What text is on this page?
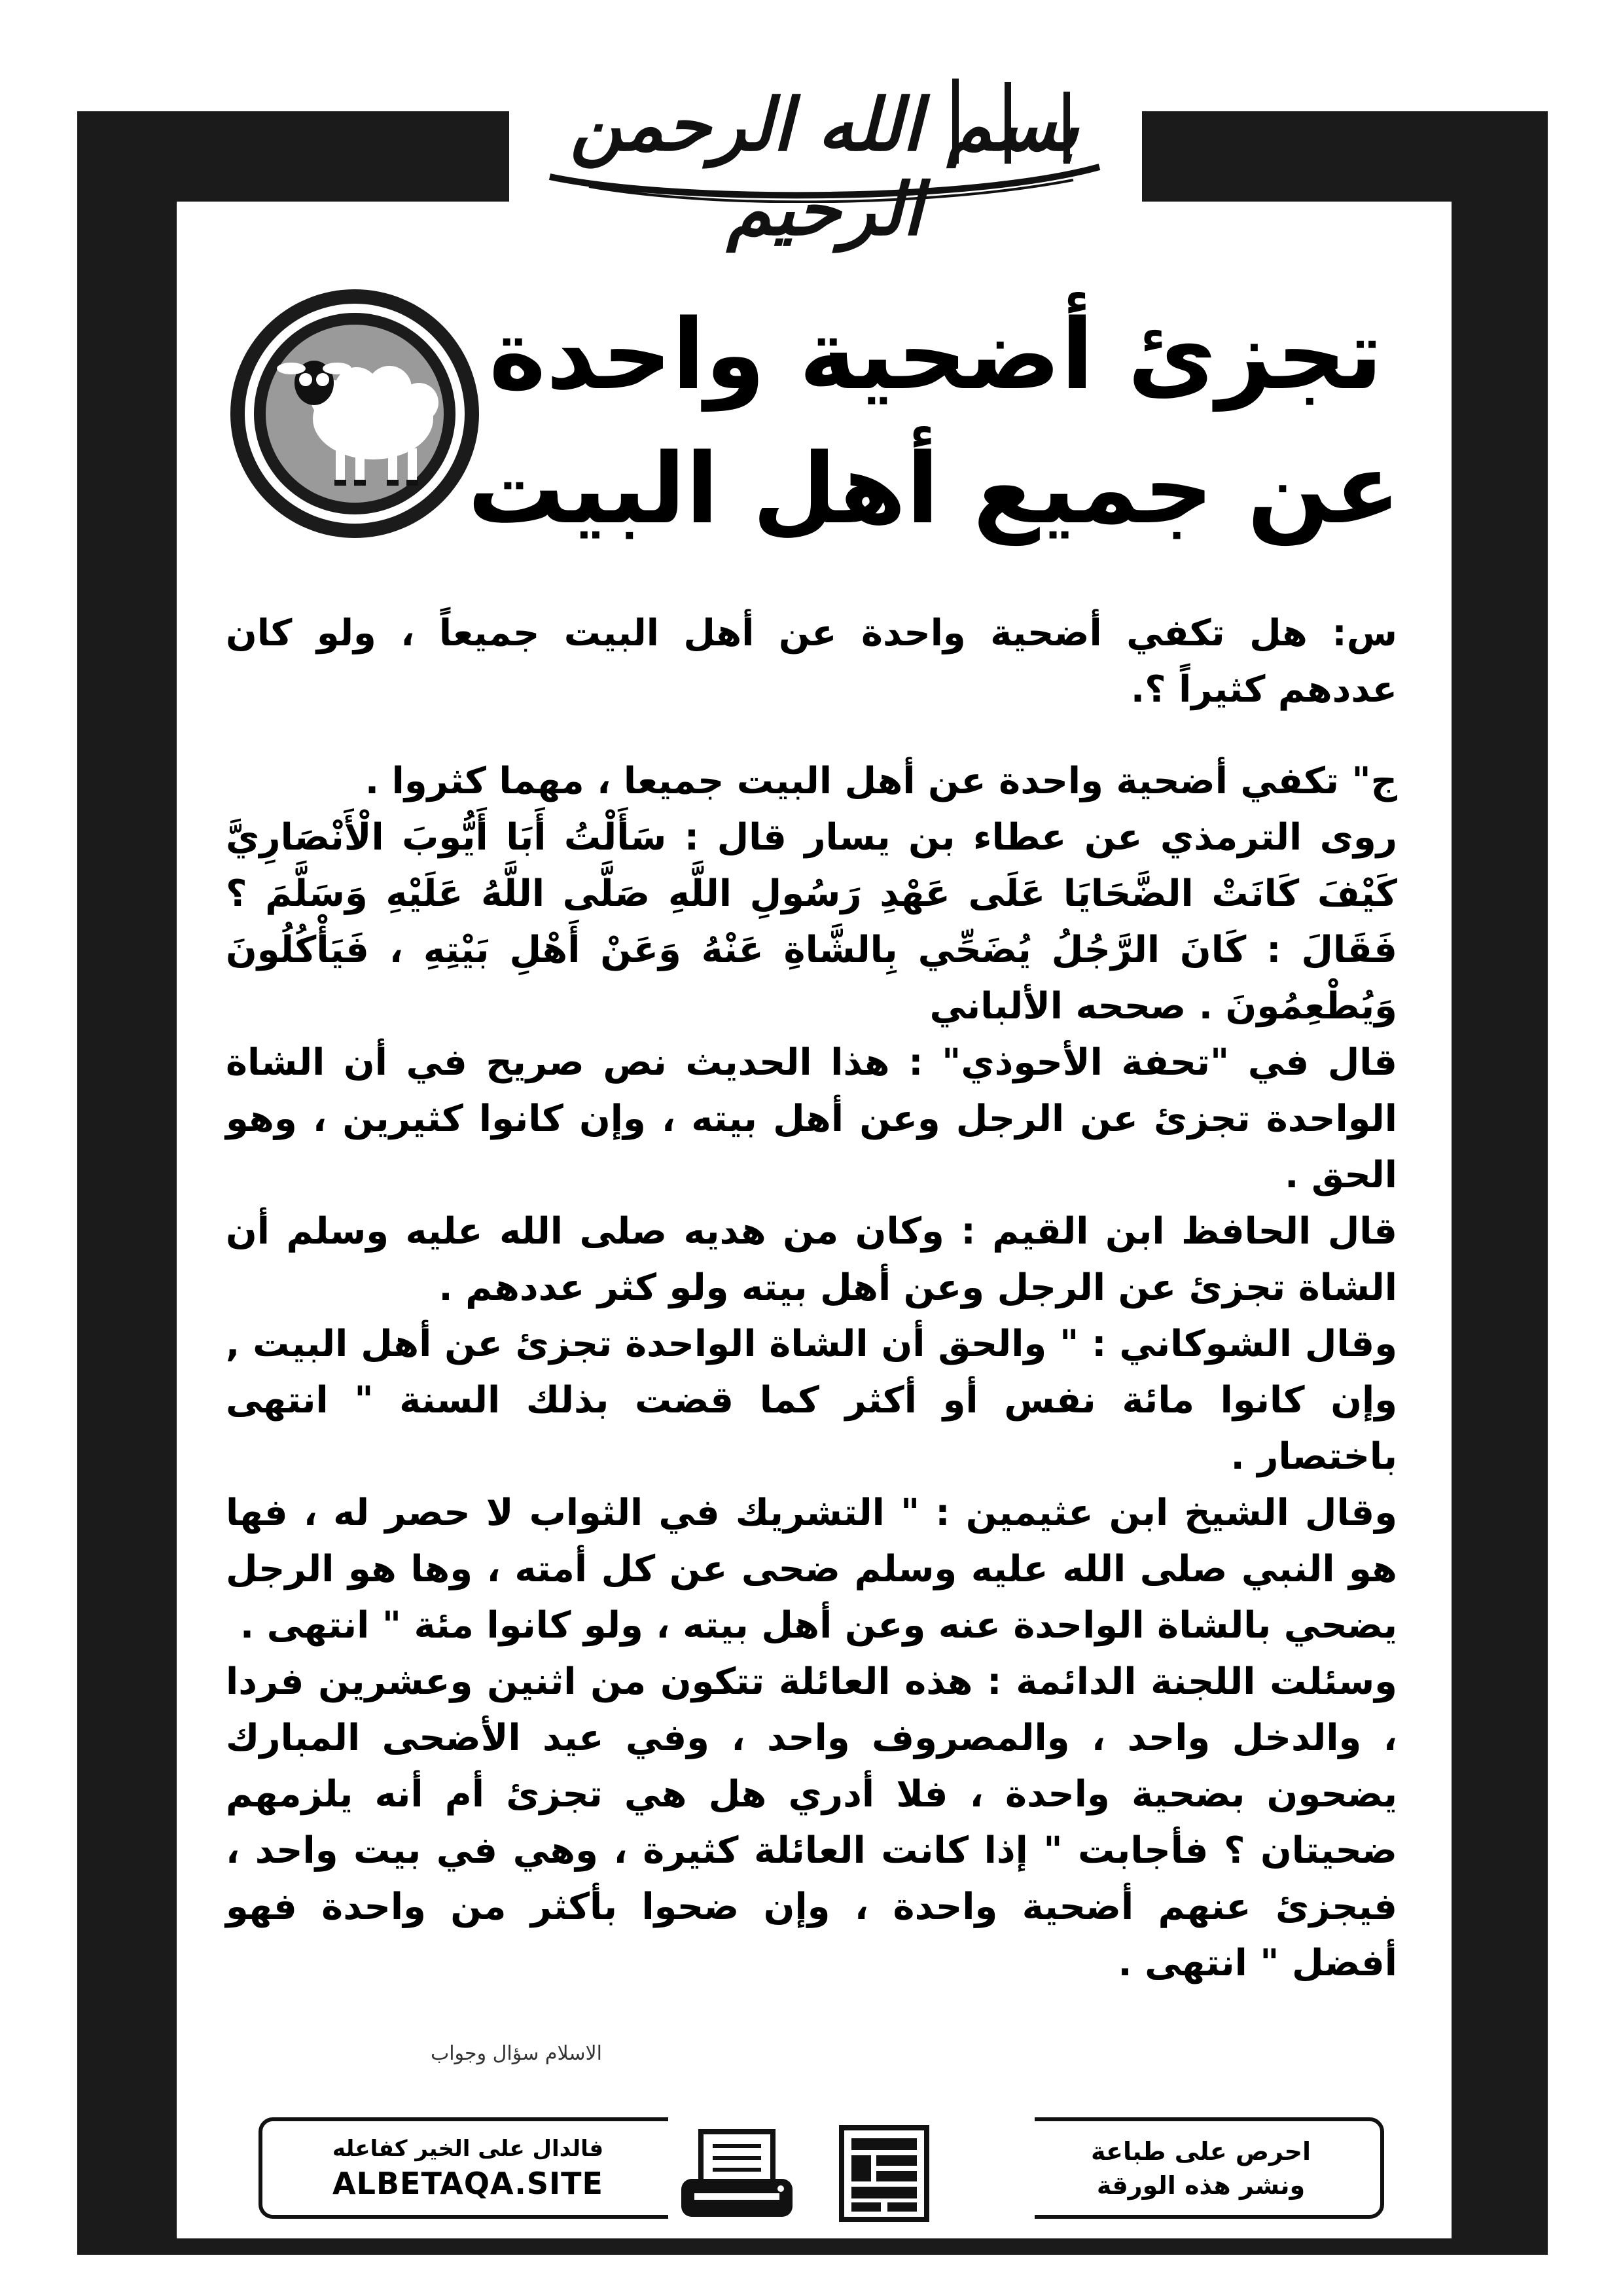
بسم الله الرحمن الرحيم
تجزئ أضحية واحدة
عن جميع أهل البيت

س: هل تكفي أضحية واحدة عن أهل البيت جميعاً ، ولو كان عددهم كثيراً ؟.

ج" تكفي أضحية واحدة عن أهل البيت جميعا ، مهما كثروا .

روى الترمذي عن عطاء بن يسار قال : سَأَلْتُ أَبَا أَيُّوبَ الْأَنْصَارِيَّ كَيْفَ كَانَتْ الضَّحَايَا عَلَى عَهْدِ رَسُولِ اللَّهِ صَلَّى اللَّهُ عَلَيْهِ وَسَلَّمَ ؟ فَقَالَ : كَانَ الرَّجُلُ يُضَحِّي بِالشَّاةِ عَنْهُ وَعَنْ أَهْلِ بَيْتِهِ ، فَيَأْكُلُونَ وَيُطْعِمُونَ . صححه الألباني

قال في "تحفة الأحوذي" : هذا الحديث نص صريح في أن الشاة الواحدة تجزئ عن الرجل وعن أهل بيته ، وإن كانوا كثيرين ، وهو الحق .

قال الحافظ ابن القيم : وكان من هديه صلى الله عليه وسلم أن الشاة تجزئ عن الرجل وعن أهل بيته ولو كثر عددهم .

وقال الشوكاني : " والحق أن الشاة الواحدة تجزئ عن أهل البيت , وإن كانوا مائة نفس أو أكثر كما قضت بذلك السنة " انتهى باختصار .

وقال الشيخ ابن عثيمين : " التشريك في الثواب لا حصر له ، فها هو النبي صلى الله عليه وسلم ضحى عن كل أمته ، وها هو الرجل يضحي بالشاة الواحدة عنه وعن أهل بيته ، ولو كانوا مئة " انتهى .

وسئلت اللجنة الدائمة : هذه العائلة تتكون من اثنين وعشرين فردا ، والدخل واحد ، والمصروف واحد ، وفي عيد الأضحى المبارك يضحون بضحية واحدة ، فلا أدري هل هي تجزئ أم أنه يلزمهم ضحيتان ؟ فأجابت " إذا كانت العائلة كثيرة ، وهي في بيت واحد ، فيجزئ عنهم أضحية واحدة ، وإن ضحوا بأكثر من واحدة فهو أفضل " انتهى .

الاسلام سؤال وجواب
فالدال على الخير كفاعله
ALBETAQA.SITE
احرص على طباعة
ونشر هذه الورقة
